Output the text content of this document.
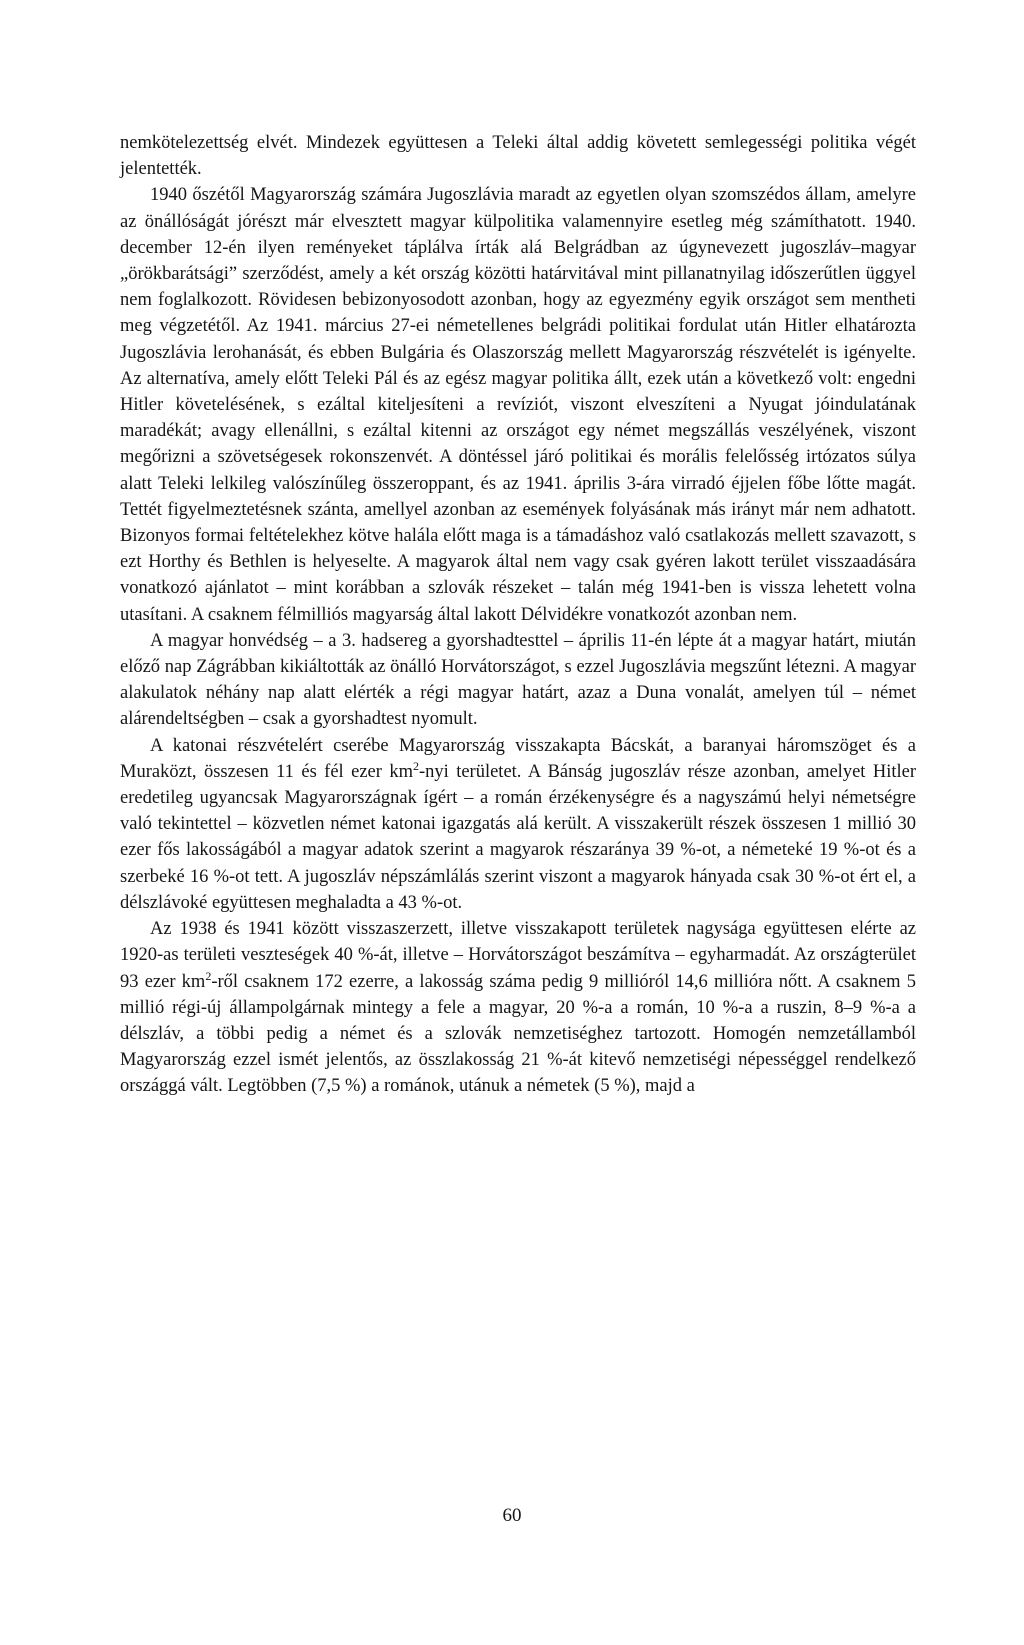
nemkötelezettség elvét. Mindezek együttesen a Teleki által addig követett semlegességi politika végét jelentették.

1940 őszétől Magyarország számára Jugoszlávia maradt az egyetlen olyan szomszédos állam, amelyre az önállóságát jórészt már elvesztett magyar külpolitika valamennyire esetleg még számíthatott. 1940. december 12-én ilyen reményeket táplálva írták alá Belgrádban az úgynevezett jugoszláv–magyar „örökbarátsági” szerződést, amely a két ország közötti határvitával mint pillanatnyilag időszerűtlen üggyel nem foglalkozott. Rövidesen bebizonyosodott azonban, hogy az egyezmény egyik országot sem mentheti meg végzetétől. Az 1941. március 27-ei németellenes belgrádi politikai fordulat után Hitler elhatározta Jugoszlávia lerohanását, és ebben Bulgária és Olaszország mellett Magyarország részvételét is igényelte. Az alternatíva, amely előtt Teleki Pál és az egész magyar politika állt, ezek után a következő volt: engedni Hitler követelésének, s ezáltal kiteljesíteni a revíziót, viszont elveszíteni a Nyugat jóindulatának maradékát; avagy ellenállni, s ezáltal kitenni az országot egy német megszállás veszélyének, viszont megőrizni a szövetségesek rokonszenvét. A döntéssel járó politikai és morális felelősség irtózatos súlya alatt Teleki lelkileg valószínűleg összeroppant, és az 1941. április 3-ára virradó éjjelen főbe lőtte magát. Tettét figyelmeztetésnek szánta, amellyel azonban az események folyásának más irányt már nem adhatott. Bizonyos formai feltételekhez kötve halála előtt maga is a támadáshoz való csatlakozás mellett szavazott, s ezt Horthy és Bethlen is helyeselte. A magyarok által nem vagy csak gyéren lakott terület visszaadására vonatkozó ajánlatot – mint korábban a szlovák részeket – talán még 1941-ben is vissza lehetett volna utasítani. A csaknem félmilliós magyarság által lakott Délvidékre vonatkozót azonban nem.

A magyar honvédség – a 3. hadsereg a gyorshadtesttel – április 11-én lépte át a magyar határt, miután előző nap Zágrábban kikiáltották az önálló Horvátországot, s ezzel Jugoszlávia megszűnt létezni. A magyar alakulatok néhány nap alatt elérték a régi magyar határt, azaz a Duna vonalát, amelyen túl – német alárendeltségben – csak a gyorshadtest nyomult.

A katonai részvételért cserébe Magyarország visszakapta Bácskát, a baranyai háromszöget és a Muraközt, összesen 11 és fél ezer $km^2$-nyi területet. A Bánság jugoszláv része azonban, amelyet Hitler eredetileg ugyancsak Magyarországnak ígért – a román érzékenységre és a nagyszámú helyi németségre való tekintettel – közvetlen német katonai igazgatás alá került. A visszakerült részek összesen 1 millió 30 ezer fős lakosságából a magyar adatok szerint a magyarok részaránya 39 %-ot, a németeké 19 %-ot és a szerbeké 16 %-ot tett. A jugoszláv népszámlálás szerint viszont a magyarok hányada csak 30 %-ot ért el, a délszlávoké együttesen meghaladta a 43 %-ot.

Az 1938 és 1941 között visszaszerzett, illetve visszakapott területek nagysága együttesen elérte az 1920-as területi veszteségek 40 %-át, illetve – Horvátországot beszámítva – egyharmadát. Az országterület 93 ezer $km^2$-ről csaknem 172 ezerre, a lakosság száma pedig 9 millióról 14,6 millióra nőtt. A csaknem 5 millió régi-új állampolgárnak mintegy a fele a magyar, 20 %-a a román, 10 %-a a ruszin, 8–9 %-a a délszláv, a többi pedig a német és a szlovák nemzetiséghez tartozott. Homogén nemzetállamból Magyarország ezzel ismét jelentős, az összlakosság 21 %-át kitevő nemzetiségi népességgel rendelkező országgá vált. Legtöbben (7,5 %) a románok, utánuk a németek (5 %), majd a

60
